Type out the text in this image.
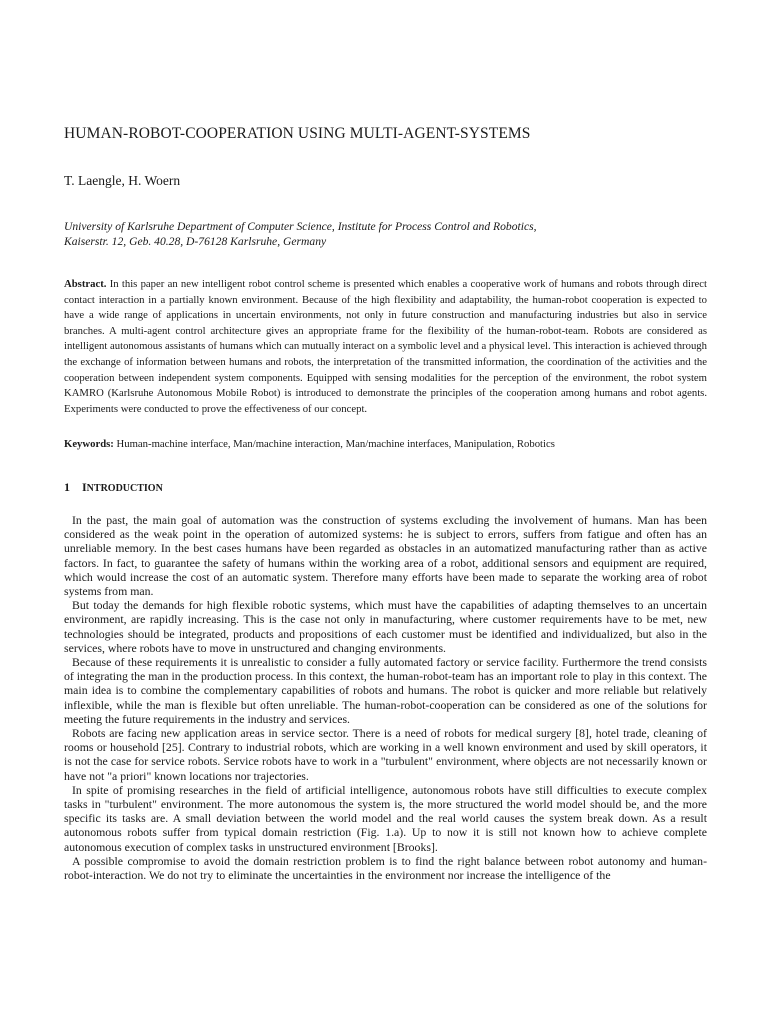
HUMAN-ROBOT-COOPERATION USING MULTI-AGENT-SYSTEMS
T. Laengle, H. Woern
University of Karlsruhe Department of Computer Science, Institute for Process Control and Robotics,
Kaiserstr. 12, Geb. 40.28, D-76128 Karlsruhe, Germany
Abstract. In this paper an new intelligent robot control scheme is presented which enables a cooperative work of humans and robots through direct contact interaction in a partially known environment. Because of the high flexibility and adaptability, the human-robot cooperation is expected to have a wide range of applications in uncertain environments, not only in future construction and manufacturing industries but also in service branches. A multi-agent control architecture gives an appropriate frame for the flexibility of the human-robot-team. Robots are considered as intelligent autonomous assistants of humans which can mutually interact on a symbolic level and a physical level. This interaction is achieved through the exchange of information between humans and robots, the interpretation of the transmitted information, the coordination of the activities and the cooperation between independent system components. Equipped with sensing modalities for the perception of the environment, the robot system KAMRO (Karlsruhe Autonomous Mobile Robot) is introduced to demonstrate the principles of the cooperation among humans and robot agents. Experiments were conducted to prove the effectiveness of our concept.
Keywords: Human-machine interface, Man/machine interaction, Man/machine interfaces, Manipulation, Robotics
1 INTRODUCTION

In the past, the main goal of automation was the construction of systems excluding the involvement of humans. Man has been considered as the weak point in the operation of automized systems: he is subject to errors, suffers from fatigue and often has an unreliable memory. In the best cases humans have been regarded as obstacles in an automatized manufacturing rather than as active factors. In fact, to guarantee the safety of humans within the working area of a robot, additional sensors and equipment are required, which would increase the cost of an automatic system. Therefore many efforts have been made to separate the working area of robot systems from man.

But today the demands for high flexible robotic systems, which must have the capabilities of adapting themselves to an uncertain environment, are rapidly increasing. This is the case not only in manufacturing, where customer requirements have to be met, new technologies should be integrated, products and propositions of each customer must be identified and individualized, but also in the services, where robots have to move in unstructured and changing environments.

Because of these requirements it is unrealistic to consider a fully automated factory or service facility. Furthermore the trend consists of integrating the man in the production process. In this context, the human-robot-team has an important role to play in this context. The main idea is to combine the complementary capabilities of robots and humans. The robot is quicker and more reliable but relatively inflexible, while the man is flexible but often unreliable. The human-robot-cooperation can be considered as one of the solutions for meeting the future requirements in the industry and services.

Robots are facing new application areas in service sector. There is a need of robots for medical surgery [8], hotel trade, cleaning of rooms or household [25]. Contrary to industrial robots, which are working in a well known environment and used by skill operators, it is not the case for service robots. Service robots have to work in a "turbulent" environment, where objects are not necessarily known or have not "a priori" known locations nor trajectories.

In spite of promising researches in the field of artificial intelligence, autonomous robots have still difficulties to execute complex tasks in "turbulent" environment. The more autonomous the system is, the more structured the world model should be, and the more specific its tasks are. A small deviation between the world model and the real world causes the system break down. As a result autonomous robots suffer from typical domain restriction (Fig. 1.a). Up to now it is still not known how to achieve complete autonomous execution of complex tasks in unstructured environment [Brooks].

A possible compromise to avoid the domain restriction problem is to find the right balance between robot autonomy and human-robot-interaction. We do not try to eliminate the uncertainties in the environment nor increase the intelligence of the
